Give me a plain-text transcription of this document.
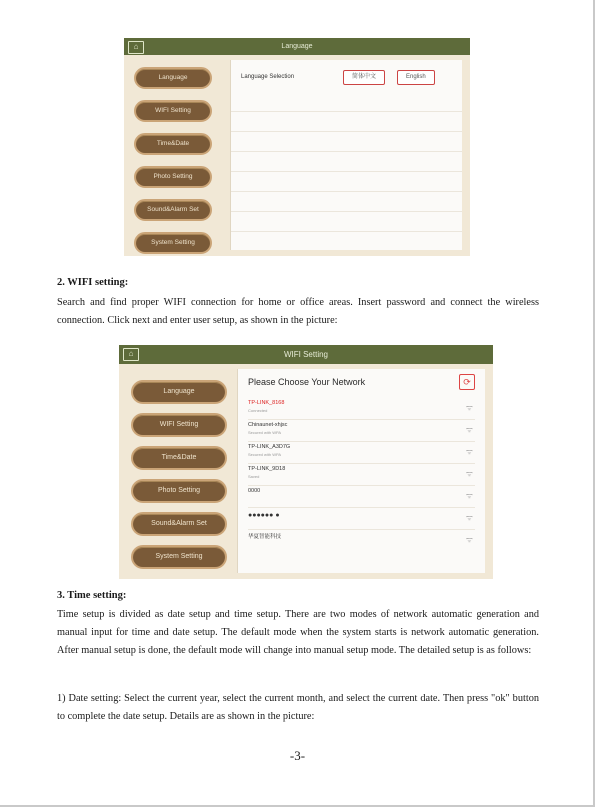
⌂	Language
Language
WIFI Setting
Time&Date
Photo Setting
Sound&Alarm Set
System Setting
Language Selection	简体中文	English
2. WIFI setting:
Search and find proper WIFI connection for home or office areas. Insert password and connect the wireless connection. Click next and enter user setup, as shown in the picture:
⌂	WIFI Setting
Language
WIFI Setting
Time&Date
Photo Setting
Sound&Alarm Set
System Setting
Please Choose Your Network	⟳
TP-LINK_8168
Connected	ᯤ
Chinaunet-xhjsc
Secured with WPA	ᯤ
TP-LINK_A3D7G
Secured with WPA	ᯤ
TP-LINK_9D18
Saved	ᯤ
0000	ᯤ
●●●●●● ●	ᯤ
华夏智能科技	ᯤ
3. Time setting:
Time setup is divided as date setup and time setup. There are two modes of network automatic generation and manual input for time and date setup. The default mode when the system starts is network automatic generation. After manual setup is done, the default mode will change into manual setup mode. The detailed setup is as follows:
1) Date setting: Select the current year, select the current month, and select the current date. Then press "ok" button to complete the date setup. Details are as shown in the picture:
-3-
